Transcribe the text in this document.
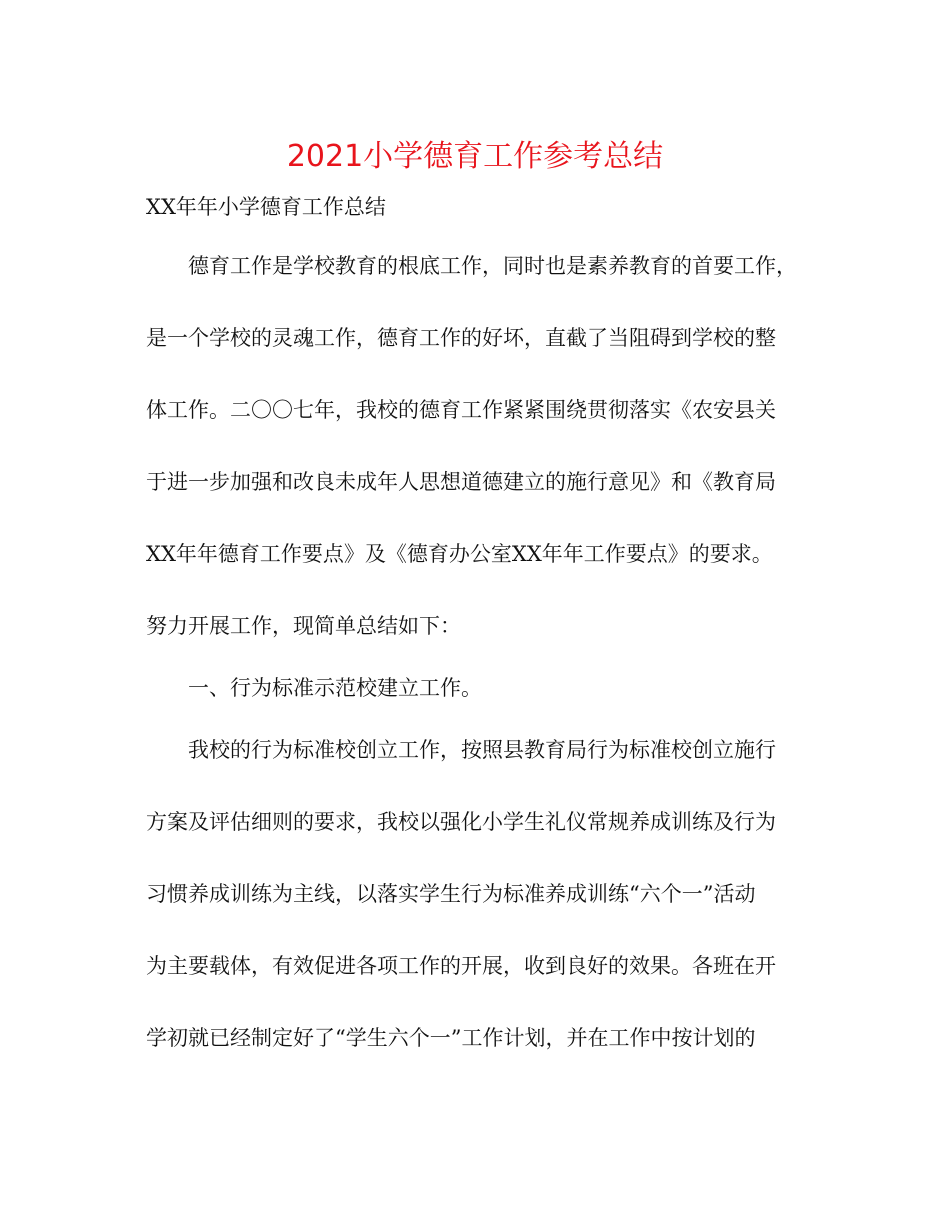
2021小学德育工作参考总结
XX年年小学德育工作总结
德育工作是学校教育的根底工作，同时也是素养教育的首要工作，
是一个学校的灵魂工作，德育工作的好坏，直截了当阻碍到学校的整
体工作。二〇〇七年，我校的德育工作紧紧围绕贯彻落实《农安县关
于进一步加强和改良未成年人思想道德建立的施行意见》和《教育局
XX年年德育工作要点》及《德育办公室XX年年工作要点》的要求。
努力开展工作，现简单总结如下：
一、行为标准示范校建立工作。
我校的行为标准校创立工作，按照县教育局行为标准校创立施行
方案及评估细则的要求，我校以强化小学生礼仪常规养成训练及行为
习惯养成训练为主线，以落实学生行为标准养成训练“六个一”活动
为主要载体，有效促进各项工作的开展，收到良好的效果。各班在开
学初就已经制定好了“学生六个一”工作计划，并在工作中按计划的
